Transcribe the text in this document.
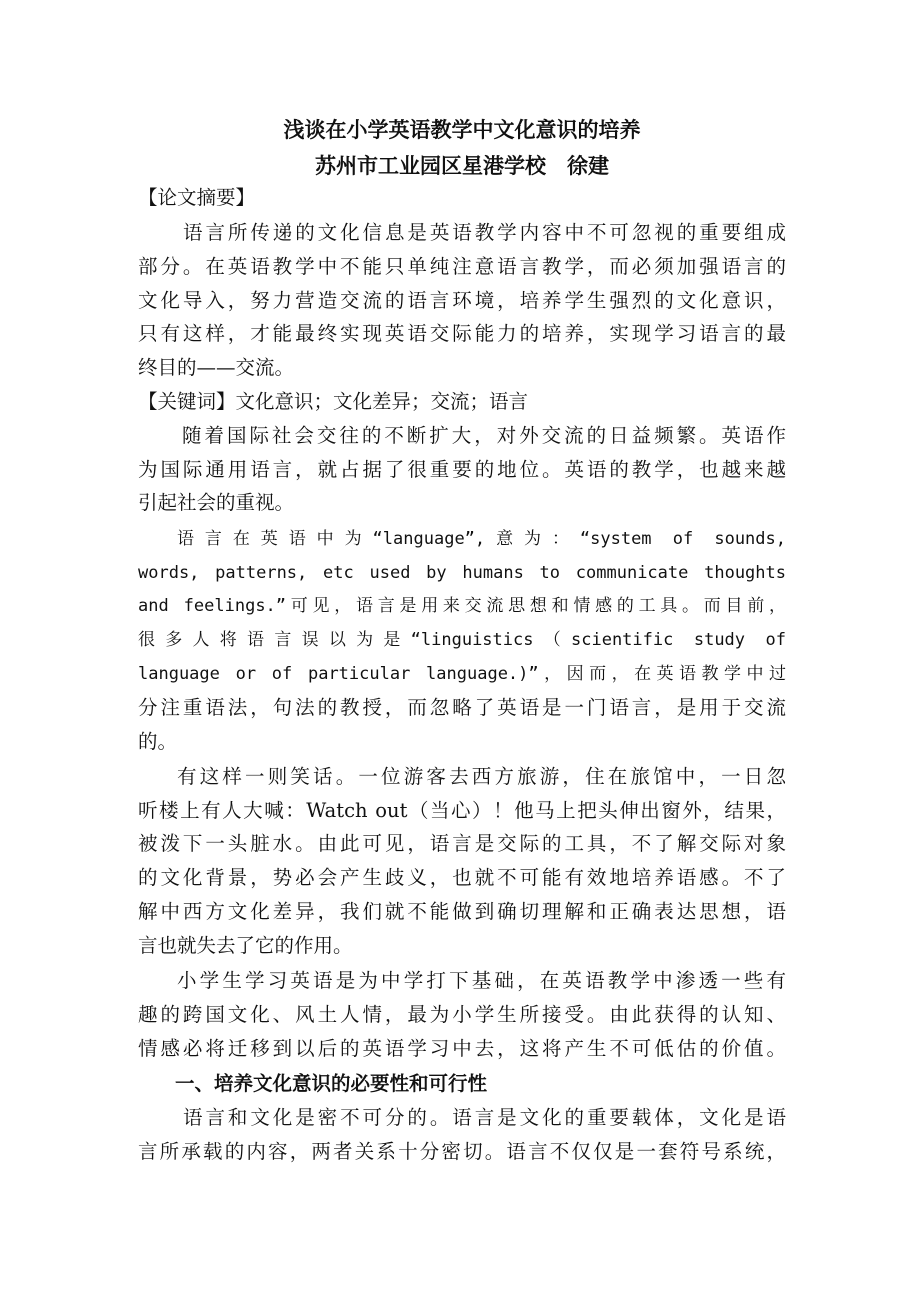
浅谈在小学英语教学中文化意识的培养
苏州市工业园区星港学校　徐建

【论文摘要】

语言所传递的文化信息是英语教学内容中不可忽视的重要组成

部分。在英语教学中不能只单纯注意语言教学，而必须加强语言的

文化导入，努力营造交流的语言环境，培养学生强烈的文化意识，

只有这样，才能最终实现英语交际能力的培养，实现学习语言的最

终目的——交流。

【关键词】文化意识；文化差异；交流；语言

随着国际社会交往的不断扩大，对外交流的日益频繁。英语作

为国际通用语言，就占据了很重要的地位。英语的教学，也越来越

引起社会的重视。

语言在英语中为“language”,意为：“system of sounds,

words, patterns, etc used by humans to communicate thoughts

and feelings.”可见，语言是用来交流思想和情感的工具。而目前，

很多人将语言误以为是“linguistics（scientific study of

language or of particular language.)”，因而，在英语教学中过

分注重语法，句法的教授，而忽略了英语是一门语言，是用于交流

的。

有这样一则笑话。一位游客去西方旅游，住在旅馆中，一日忽

听楼上有人大喊：Watch out（当心）！他马上把头伸出窗外，结果，

被泼下一头脏水。由此可见，语言是交际的工具，不了解交际对象

的文化背景，势必会产生歧义，也就不可能有效地培养语感。不了

解中西方文化差异，我们就不能做到确切理解和正确表达思想，语

言也就失去了它的作用。

小学生学习英语是为中学打下基础，在英语教学中渗透一些有

趣的跨国文化、风土人情，最为小学生所接受。由此获得的认知、

情感必将迁移到以后的英语学习中去，这将产生不可低估的价值。

一、培养文化意识的必要性和可行性

语言和文化是密不可分的。语言是文化的重要载体，文化是语

言所承载的内容，两者关系十分密切。语言不仅仅是一套符号系统，
